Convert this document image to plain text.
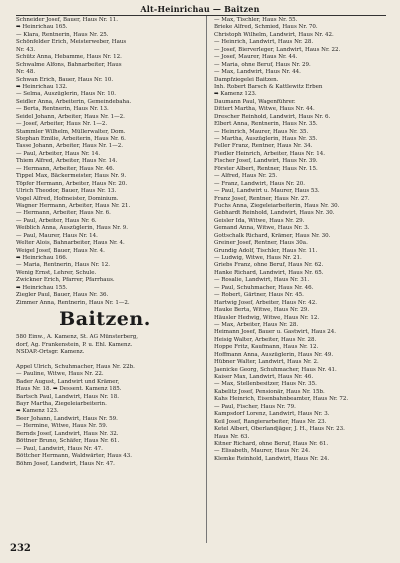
Alt-Heinrichau — Baitzen
Schneider Josef, Bauer, Haus Nr. 11.
➡ Heinrichau 165.
— Klara, Rentnerin, Haus Nr. 25.
Schönfelder Erich, Meisterweber, Haus
Nr. 43.
Schütz Anna, Hebamme, Haus Nr. 12.
Schwalme Alfons, Bahnarbeiter, Haus
Nr. 48.
Schwan Erich, Bauer, Haus Nr. 10.
➡ Heinrichau 132.
— Selma, Auszüglerin, Haus Nr. 10.
Seidler Anna, Arbeiterin, Gemeindebaha.
— Berta, Rentnerin, Haus Nr. 13.
Seidel Johann, Arbeiter, Haus Nr. 1—2.
— Josef, Arbeiter, Haus Nr. 1—2.
Stammler Wilhelm, Müllerwalter, Dom.
Stephan Emilie, Arbeiterin, Haus Nr. 6.
Tasse Johann, Arbeiter, Haus Nr. 1—2.
— Paul, Arbeiter, Haus Nr. 14.
Thiem Alfred, Arbeiter, Haus Nr. 14.
— Hermann, Arbeiter, Haus Nr. 46.
Tippel Max, Bäckermeister, Haus Nr. 9.
Töpfer Hermann, Arbeiter, Haus Nr. 20.
Ulrich Theodor, Bauer, Haus Nr. 13.
Vogel Alfred, Hofmeister, Dominium.
Wagner Hermann, Arbeiter, Haus Nr. 21.
— Hermann, Arbeiter, Haus Nr. 6.
— Paul, Arbeiter, Haus Nr. 6.
Weiblich Anna, Auszüglerin, Haus Nr. 9.
— Paul, Maurer, Haus Nr. 14.
Welter Alois, Bahnarbeiter, Haus Nr. 4.
Weigel Josef, Bauer, Haus Nr. 4.
➡ Heinrichau 166.
— Maria, Rentnerin, Haus Nr. 12.
Wenig Ernst, Lehrer, Schule.
Zwickner Erich, Pfarrer, Pfarrhaus.
➡ Heinrichau 155.
Ziegler Paul, Bauer, Haus Nr. 36.
Zimmer Anna, Rentnerin, Haus Nr. 1—2.
Baitzen.
580 Einw., A. Kamenz, St. AG Münsterberg,
dorf, Ag. Frankenstein, P. u. Ehl. Kamenz.
NSDAP.-Ortsgr. Kamenz.
Appel Ulrich, Schuhmacher, Haus Nr. 22b.
— Pauline, Witwe, Haus Nr. 22.
Bader August, Landwirt und Krämer,
Haus Nr. 18. ➡ Dessent. Kamenz 185.
Bartsch Paul, Landwirt, Haus Nr. 18.
Bayr Martha, Ziegeleiarbeiterin.
➡ Kamenz 123.
Beer Johann, Landwirt, Haus Nr. 59.
— Hermine, Witwe, Haus Nr. 59.
Bernds Josef, Landwirt, Haus Nr. 32.
Böttner Bruno, Schäfer, Haus Nr. 61.
— Paul, Landwirt, Haus Nr. 47.
Böttcher Hermann, Waldwärter, Haus 43.
Böhm Josef, Landwirt, Haus Nr. 47.
— Max, Tischler, Haus Nr. 55.
Brieke Alfred, Schmied, Haus Nr. 70.
Christoph Wilhelm, Landwirt, Haus Nr. 42.
— Heinrich, Landwirt, Haus Nr. 28.
— Josef, Bierverleger, Landwirt, Haus Nr. 22.
— Josef, Maurer, Haus Nr. 44.
— Maria, ohne Beruf, Haus Nr. 29.
— Max, Landwirt, Haus Nr. 44.
Dampfziegelei Baitzen.
Inh. Robert Barsch & Kattlewitz Erben
➡ Kamenz 123.
Daumann Paul, Wagenführer.
Dittert Martha, Witwe, Haus Nr. 44.
Drescher Reinhold, Landwirt, Haus Nr. 6.
Elbert Anna, Rentnerin, Haus Nr. 35.
— Heinrich, Maurer, Haus Nr. 35.
— Martha, Auszüglerin, Haus Nr. 35.
Feller Franz, Rentner, Haus Nr. 34.
Fiedler Heinrich, Arbeiter, Haus Nr. 14.
Fischer Josef, Landwirt, Haus Nr. 39.
Förster Albert, Rentner, Haus Nr. 15.
— Alfred, Haus Nr. 25.
— Franz, Landwirt, Haus Nr. 20.
— Paul, Landwirt u. Maurer, Haus 53.
Franz Josef, Rentner, Haus Nr. 27.
Fuchs Anna, Ziegeleiarbeiterin, Haus Nr. 30.
Gebhardt Reinhold, Landwirt, Haus Nr. 30.
Geisler Ida, Witwe, Haus Nr. 29.
Gemand Anna, Witwe, Haus Nr. 3.
Gottschalk Richard, Krämer, Haus Nr. 30.
Greiner Josef, Rentner, Haus 30a.
Grundig Adolf, Tischler, Haus Nr. 11.
— Ludwig, Witwe, Haus Nr. 21.
Griebs Franz, ohne Beruf, Haus Nr. 62.
Hanke Richard, Landwirt, Haus Nr. 65.
— Rosalie, Landwirt, Haus Nr. 31.
— Paul, Schuhmacher, Haus Nr. 46.
— Robert, Gärtner, Haus Nr. 45.
Hartwig Josef, Arbeiter, Haus Nr. 42.
Hauke Berta, Witwe, Haus Nr. 29.
Häusler Hedwig, Witwe, Haus Nr. 12.
— Max, Arbeiter, Haus Nr. 28.
Heimann Josef, Bauer u. Gastwirt, Haus 24.
Heisig Walter, Arbeiter, Haus Nr. 28.
Hoppe Fritz, Kaufmann, Haus Nr. 12.
Hoffmann Anna, Auszüglerin, Haus Nr. 49.
Hübner Walter, Landwirt, Haus Nr. 2.
Jaenicke Georg, Schuhmacher, Haus Nr. 41.
Kaiser Max, Landwirt, Haus Nr. 46.
— Max, Stellenbesitzer, Haus Nr. 35.
Kabelitz Josef, Pensionär, Haus Nr. 15b.
Kahs Heinrich, Eisenbahnbeamter, Haus Nr. 72.
— Paul, Fischer, Haus Nr. 79.
Kampsdorf Lorenz, Landwirt, Haus Nr. 3.
Keil Josef, Rangierarbeiter, Haus Nr. 23.
Ketel Albert, Oberlandjäger, J. H., Haus Nr. 23.
Haus Nr. 63.
Kitner Richard, ohne Beruf, Haus Nr. 61.
— Elisabeth, Maurer, Haus Nr. 24.
Klemke Reinhold, Landwirt, Haus Nr. 24.
232
